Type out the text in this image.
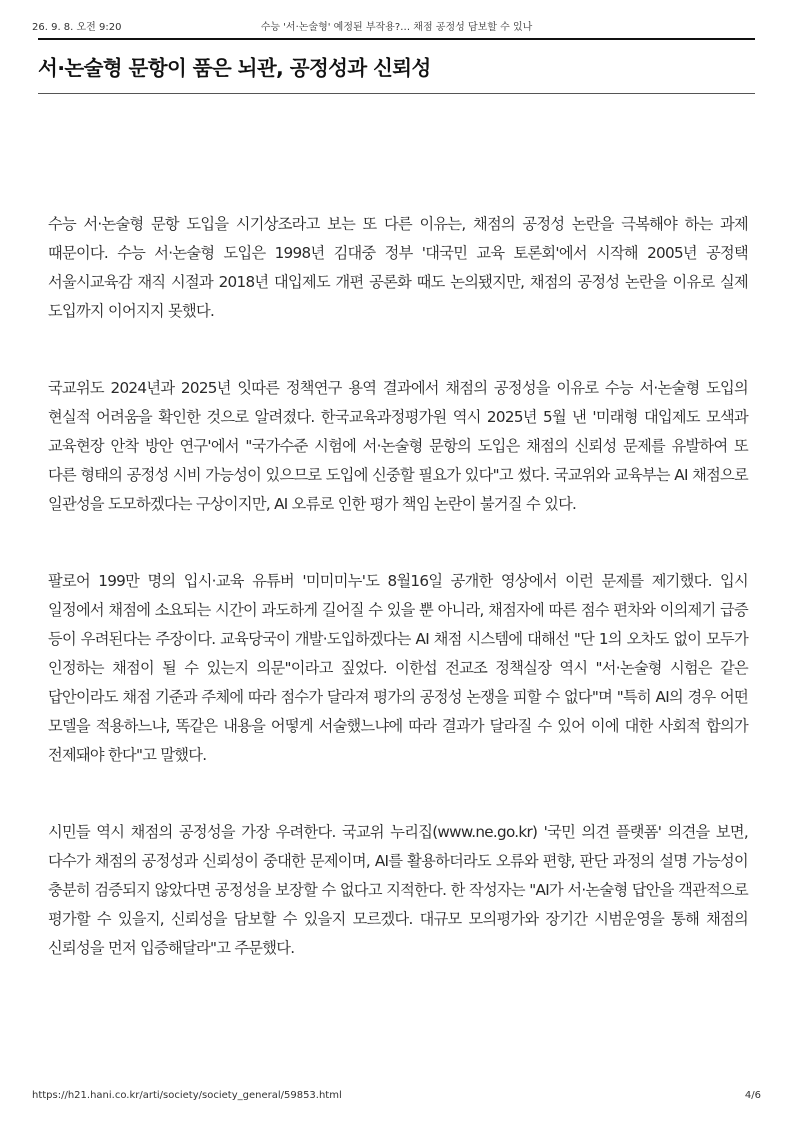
26. 9. 8. 오전 9:20	수능 '서·논술형' 예정된 부작용?… 채점 공정성 담보할 수 있나
서·논술형 문항이 품은 뇌관, 공정성과 신뢰성

수능 서·논술형 문항 도입을 시기상조라고 보는 또 다른 이유는, 채점의 공정성 논란을 극복해야 하는 과제 때문이다. 수능 서·논술형 도입은 1998년 김대중 정부 '대국민 교육 토론회'에서 시작해 2005년 공정택 서울시교육감 재직 시절과 2018년 대입제도 개편 공론화 때도 논의됐지만, 채점의 공정성 논란을 이유로 실제 도입까지 이어지지 못했다.

국교위도 2024년과 2025년 잇따른 정책연구 용역 결과에서 채점의 공정성을 이유로 수능 서·논술형 도입의 현실적 어려움을 확인한 것으로 알려졌다. 한국교육과정평가원 역시 2025년 5월 낸 '미래형 대입제도 모색과 교육현장 안착 방안 연구'에서 "국가수준 시험에 서·논술형 문항의 도입은 채점의 신뢰성 문제를 유발하여 또 다른 형태의 공정성 시비 가능성이 있으므로 도입에 신중할 필요가 있다"고 썼다. 국교위와 교육부는 AI 채점으로 일관성을 도모하겠다는 구상이지만, AI 오류로 인한 평가 책임 논란이 불거질 수 있다.

팔로어 199만 명의 입시·교육 유튜버 '미미미누'도 8월16일 공개한 영상에서 이런 문제를 제기했다. 입시 일정에서 채점에 소요되는 시간이 과도하게 길어질 수 있을 뿐 아니라, 채점자에 따른 점수 편차와 이의제기 급증 등이 우려된다는 주장이다. 교육당국이 개발·도입하겠다는 AI 채점 시스템에 대해선 "단 1의 오차도 없이 모두가 인정하는 채점이 될 수 있는지 의문"이라고 짚었다. 이한섭 전교조 정책실장 역시 "서·논술형 시험은 같은 답안이라도 채점 기준과 주체에 따라 점수가 달라져 평가의 공정성 논쟁을 피할 수 없다"며 "특히 AI의 경우 어떤 모델을 적용하느냐, 똑같은 내용을 어떻게 서술했느냐에 따라 결과가 달라질 수 있어 이에 대한 사회적 합의가 전제돼야 한다"고 말했다.

시민들 역시 채점의 공정성을 가장 우려한다. 국교위 누리집(www.ne.go.kr) '국민 의견 플랫폼' 의견을 보면, 다수가 채점의 공정성과 신뢰성이 중대한 문제이며, AI를 활용하더라도 오류와 편향, 판단 과정의 설명 가능성이 충분히 검증되지 않았다면 공정성을 보장할 수 없다고 지적한다. 한 작성자는 "AI가 서·논술형 답안을 객관적으로 평가할 수 있을지, 신뢰성을 담보할 수 있을지 모르겠다. 대규모 모의평가와 장기간 시범운영을 통해 채점의 신뢰성을 먼저 입증해달라"고 주문했다.

https://h21.hani.co.kr/arti/society/society_general/59853.html	4/6
